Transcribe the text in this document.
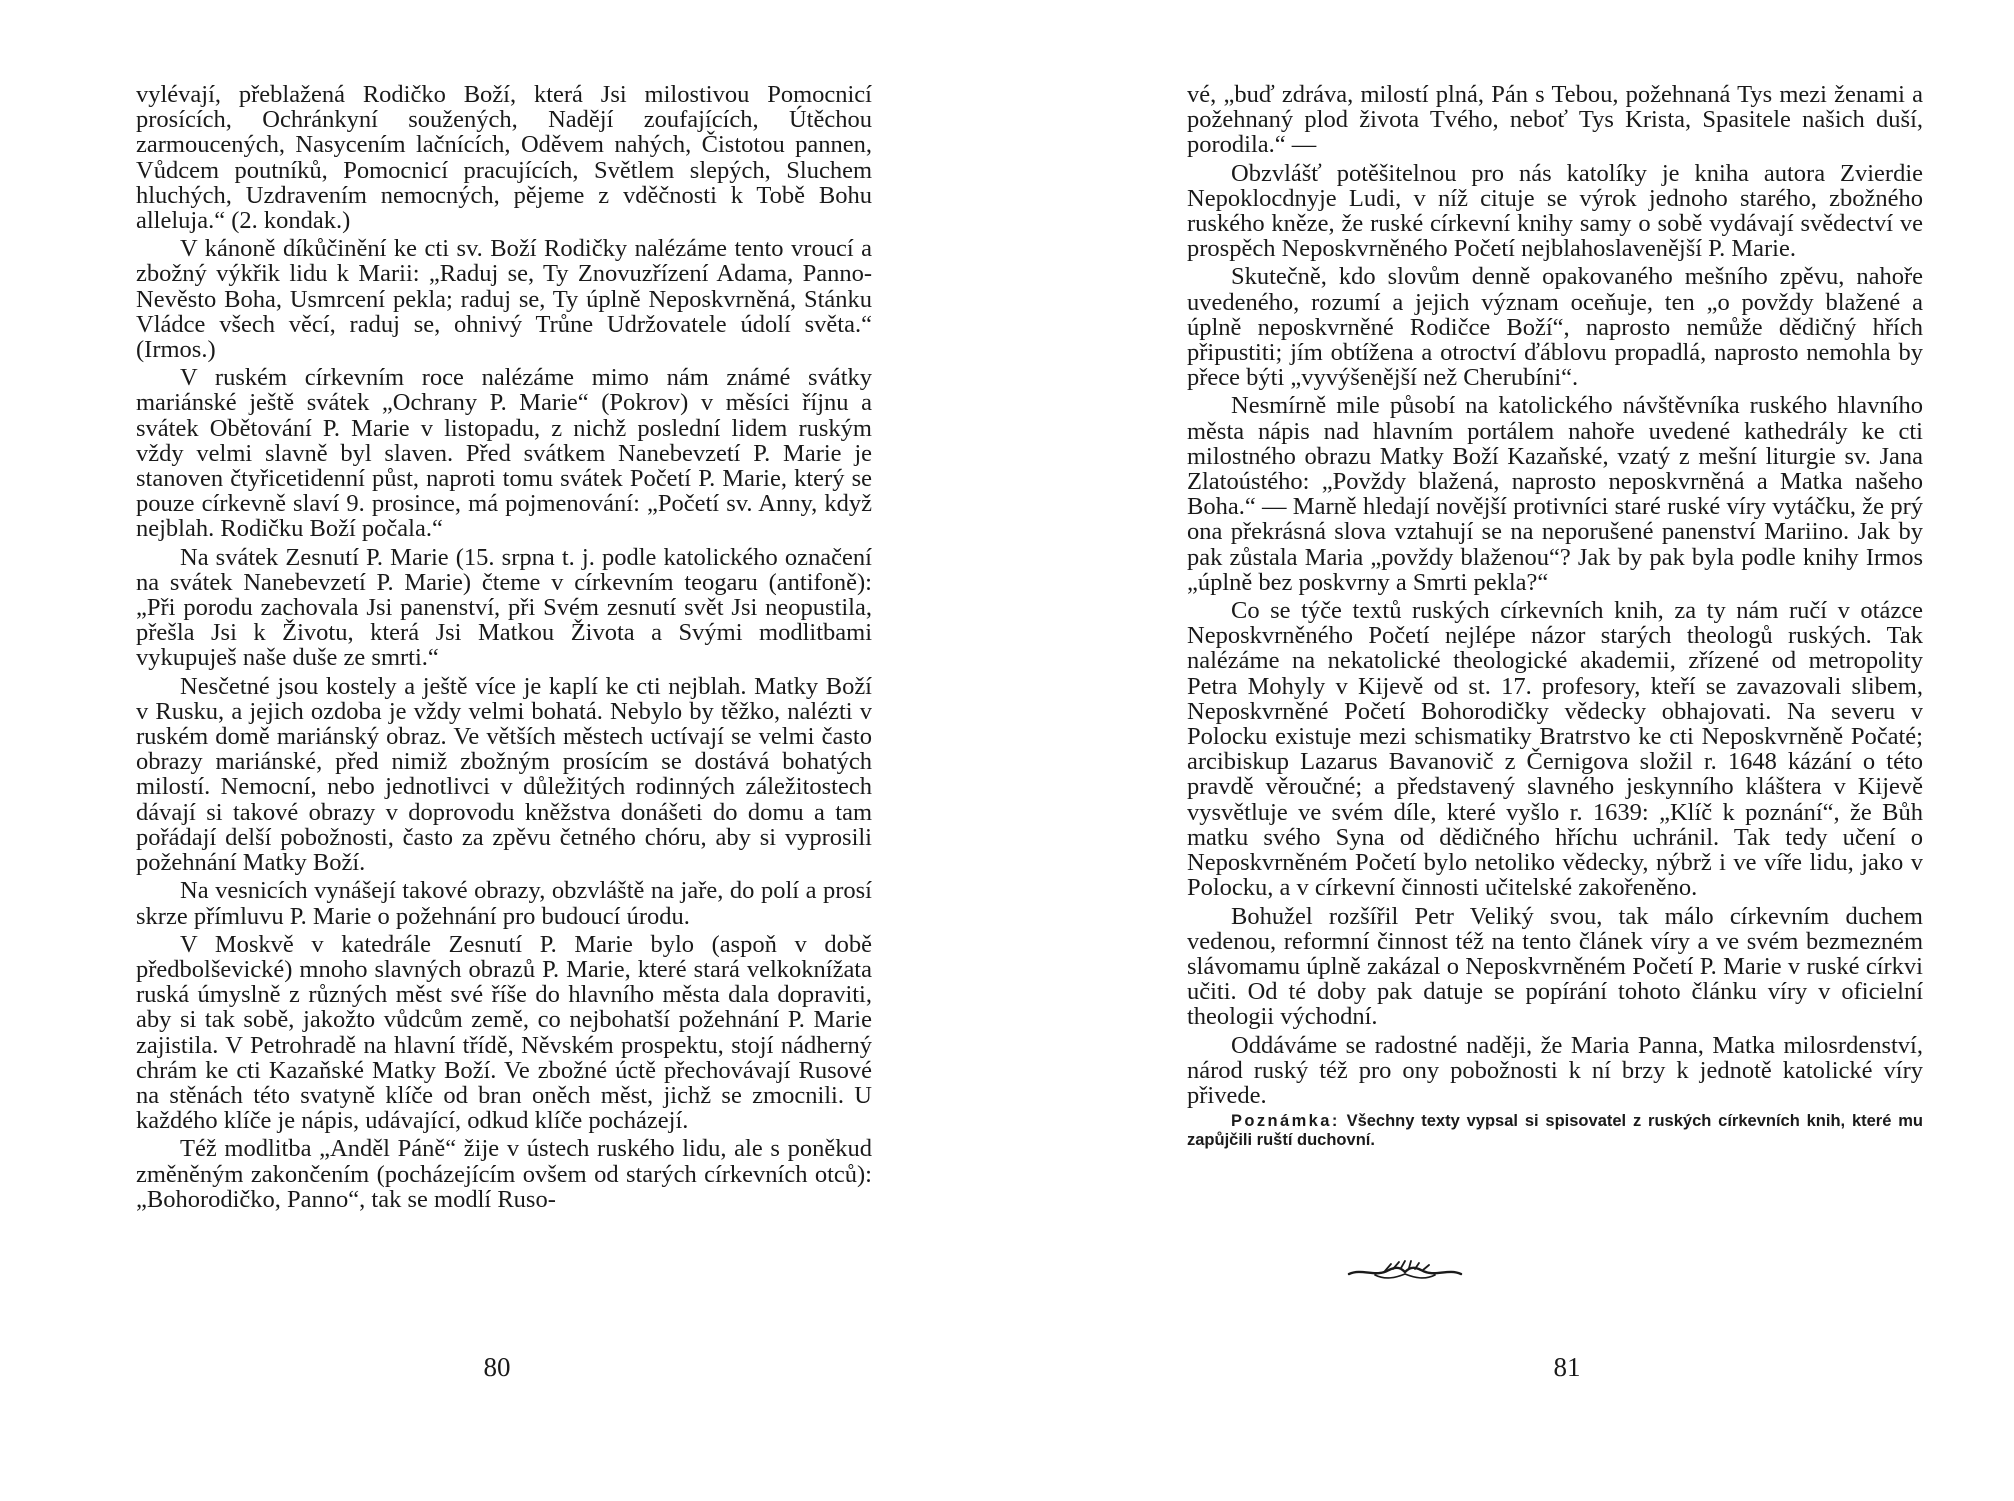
vylévají, přeblažená Rodičko Boží, která Jsi milostivou Pomocnicí prosících, Ochránkyní soužených, Nadějí zoufajících, Útěchou zarmoucených, Nasycením lačnících, Oděvem nahých, Čistotou pannen, Vůdcem poutníků, Pomocnicí pracujících, Světlem slepých, Sluchem hluchých, Uzdravením nemocných, pějeme z vděčnosti k Tobě Bohu alleluja.“ (2. kondak.)

V kánoně díkůčinění ke cti sv. Boží Rodičky nalézáme tento vroucí a zbožný výkřik lidu k Marii: „Raduj se, Ty Znovuzřízení Adama, Panno-Nevěsto Boha, Usmrcení pekla; raduj se, Ty úplně Neposkvrněná, Stánku Vládce všech věcí, raduj se, ohnivý Trůne Udržovatele údolí světa.“ (Irmos.)

V ruském církevním roce nalézáme mimo nám známé svátky mariánské ještě svátek „Ochrany P. Marie“ (Pokrov) v měsíci říjnu a svátek Obětování P. Marie v listopadu, z nichž poslední lidem ruským vždy velmi slavně byl slaven. Před svátkem Nanebevzetí P. Marie je stanoven čtyřicetidenní půst, naproti tomu svátek Početí P. Marie, který se pouze církevně slaví 9. prosince, má pojmenování: „Početí sv. Anny, když nejblah. Rodičku Boží počala.“

Na svátek Zesnutí P. Marie (15. srpna t. j. podle katolického označení na svátek Nanebevzetí P. Marie) čteme v církevním teogaru (antifoně): „Při porodu zachovala Jsi panenství, při Svém zesnutí svět Jsi neopustila, přešla Jsi k Životu, která Jsi Matkou Života a Svými modlitbami vykupuješ naše duše ze smrti.“

Nesčetné jsou kostely a ještě více je kaplí ke cti nejblah. Matky Boží v Rusku, a jejich ozdoba je vždy velmi bohatá. Nebylo by těžko, nalézti v ruském domě mariánský obraz. Ve větších městech uctívají se velmi často obrazy mariánské, před nimiž zbožným prosícím se dostává bohatých milostí. Nemocní, nebo jednotlivci v důležitých rodinných záležitostech dávají si takové obrazy v doprovodu kněžstva donášeti do domu a tam pořádají delší pobožnosti, často za zpěvu četného chóru, aby si vyprosili požehnání Matky Boží.

Na vesnicích vynášejí takové obrazy, obzvláště na jaře, do polí a prosí skrze přímluvu P. Marie o požehnání pro budoucí úrodu.

V Moskvě v katedrále Zesnutí P. Marie bylo (aspoň v době předbolševické) mnoho slavných obrazů P. Marie, které stará velkoknížata ruská úmyslně z různých měst své říše do hlavního města dala dopraviti, aby si tak sobě, jakožto vůdcům země, co nejbohatší požehnání P. Marie zajistila. V Petrohradě na hlavní třídě, Něvském prospektu, stojí nádherný chrám ke cti Kazaňské Matky Boží. Ve zbožné úctě přechovávají Rusové na stěnách této svatyně klíče od bran oněch měst, jichž se zmocnili. U každého klíče je nápis, udávající, odkud klíče pocházejí.

Též modlitba „Anděl Páně“ žije v ústech ruského lidu, ale s poněkud změněným zakončením (pocházejícím ovšem od starých církevních otců): „Bohorodičko, Panno“, tak se modlí Ruso-

80

vé, „buď zdráva, milostí plná, Pán s Tebou, požehnaná Tys mezi ženami a požehnaný plod života Tvého, neboť Tys Krista, Spasitele našich duší, porodila.“ —

Obzvlášť potěšitelnou pro nás katolíky je kniha autora Zvierdie Nepoklocdnyje Ludi, v níž cituje se výrok jednoho starého, zbožného ruského kněze, že ruské církevní knihy samy o sobě vydávají svědectví ve prospěch Neposkvrněného Početí nejblahoslavenější P. Marie.

Skutečně, kdo slovům denně opakovaného mešního zpěvu, nahoře uvedeného, rozumí a jejich význam oceňuje, ten „o povždy blažené a úplně neposkvrněné Rodičce Boží“, naprosto nemůže dědičný hřích připustiti; jím obtížena a otroctví ďáblovu propadlá, naprosto nemohla by přece býti „vyvýšenější než Cherubíni“.

Nesmírně mile působí na katolického návštěvníka ruského hlavního města nápis nad hlavním portálem nahoře uvedené kathedrály ke cti milostného obrazu Matky Boží Kazaňské, vzatý z mešní liturgie sv. Jana Zlatoústého: „Povždy blažená, naprosto neposkvrněná a Matka našeho Boha.“ — Marně hledají novější protivníci staré ruské víry vytáčku, že prý ona překrásná slova vztahují se na neporušené panenství Mariino. Jak by pak zůstala Maria „povždy blaženou“? Jak by pak byla podle knihy Irmos „úplně bez poskvrny a Smrti pekla?“

Co se týče textů ruských církevních knih, za ty nám ručí v otázce Neposkvrněného Početí nejlépe názor starých theologů ruských. Tak nalézáme na nekatolické theologické akademii, zřízené od metropolity Petra Mohyly v Kijevě od st. 17. profesory, kteří se zavazovali slibem, Neposkvrněné Početí Bohorodičky vědecky obhajovati. Na severu v Polocku existuje mezi schismatiky Bratrstvo ke cti Neposkvrněně Počaté; arcibiskup Lazarus Bavanovič z Černigova složil r. 1648 kázání o této pravdě věroučné; a představený slavného jeskynního kláštera v Kijevě vysvětluje ve svém díle, které vyšlo r. 1639: „Klíč k poznání“, že Bůh matku svého Syna od dědičného hříchu uchránil. Tak tedy učení o Neposkvrněném Početí bylo netoliko vědecky, nýbrž i ve víře lidu, jako v Polocku, a v církevní činnosti učitelské zakořeněno.

Bohužel rozšířil Petr Veliký svou, tak málo církevním duchem vedenou, reformní činnost též na tento článek víry a ve svém bezmezném slávomamu úplně zakázal o Neposkvrněném Početí P. Marie v ruské církvi učiti. Od té doby pak datuje se popírání tohoto článku víry v oficielní theologii východní.

Oddáváme se radostné naději, že Maria Panna, Matka milosrdenství, národ ruský též pro ony pobožnosti k ní brzy k jednotě katolické víry přivede.

Poznámka: Všechny texty vypsal si spisovatel z ruských církevních knih, které mu zapůjčili ruští duchovní.
81
